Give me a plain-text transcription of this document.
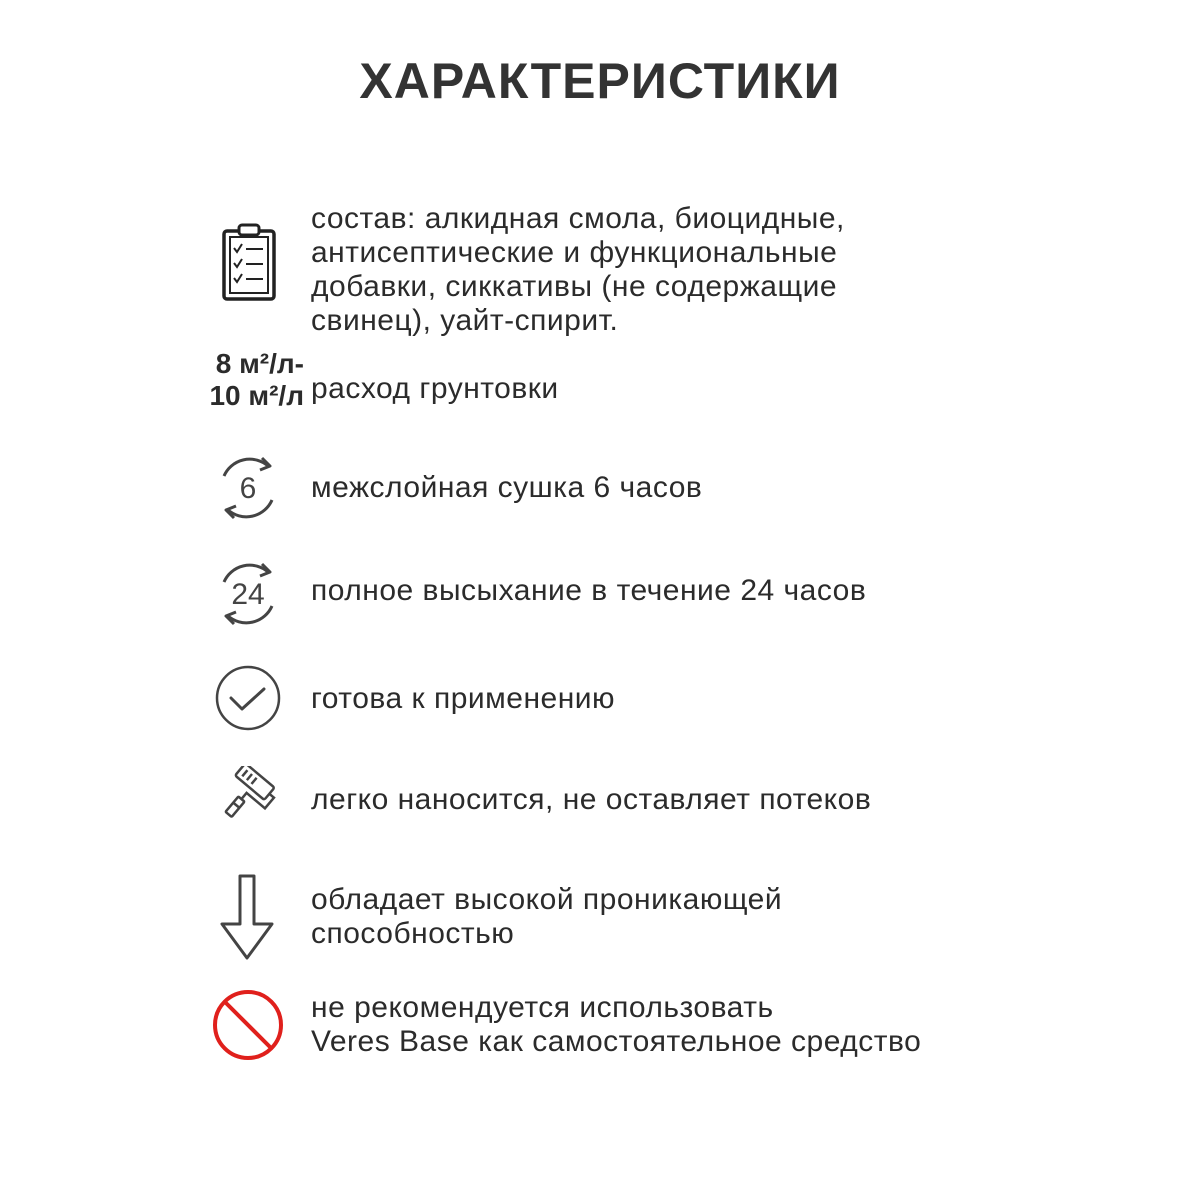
ХАРАКТЕРИСТИКИ
состав: алкидная смола, биоцидные,
антисептические и функциональные
добавки, сиккативы (не содержащие
свинец), уайт-спирит.
8 м²/л-
10 м²/л расход грунтовки
6 межслойная сушка 6 часов
24 полное высыхание в течение 24 часов
готова к применению
легко наносится, не оставляет потеков
обладает высокой проникающей
способностью
не рекомендуется использовать
Veres Base как самостоятельное средство
